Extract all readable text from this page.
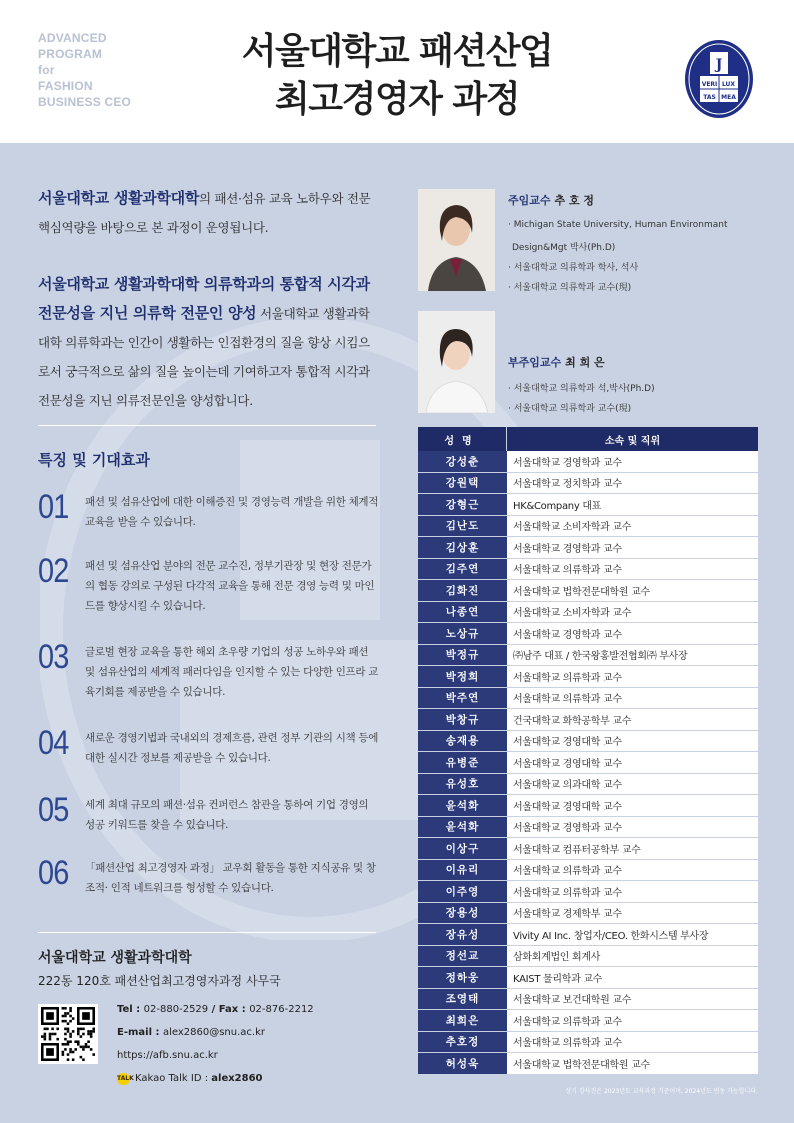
ADVANCED
PROGRAM
for
FASHION
BUSINESS CEO
서울대학교 패션산업
최고경영자 과정
J
VERI LUX
TAS MEA
서울대학교 생활과학대학의 패션·섬유 교육 노하우와 전문핵심역량을 바탕으로 본 과정이 운영됩니다.
서울대학교 생활과학대학 의류학과의 통합적 시각과 전문성을 지닌 의류학 전문인 양성 서울대학교 생활과학대학 의류학과는 인간이 생활하는 인접환경의 질을 향상 시킴으로서 궁극적으로 삶의 질을 높이는데 기여하고자 통합적 시각과 전문성을 지닌 의류전문인을 양성합니다.
특징 및 기대효과
01 패션 및 섬유산업에 대한 이해증진 및 경영능력 개발을 위한 체계적 교육을 받을 수 있습니다.
02 패션 및 섬유산업 분야의 전문 교수진, 정부기관장 및 현장 전문가의 협동 강의로 구성된 다각적 교육을 통해 전문 경영 능력 및 마인드를 향상시킬 수 있습니다.
03 글로벌 현장 교육을 통한 해외 초우량 기업의 성공 노하우와 패션 및 섬유산업의 세계적 패러다임을 인지할 수 있는 다양한 인프라 교육기회를 제공받을 수 있습니다.
04 새로운 경영기법과 국내외의 경제흐름, 관련 정부 기관의 시책 등에 대한 실시간 정보를 제공받을 수 있습니다.
05 세계 최대 규모의 패션·섬유 컨퍼런스 참관을 통하여 기업 경영의 성공 키워드를 찾을 수 있습니다.
06 「패션산업 최고경영자 과정」 교우회 활동을 통한 지식공유 및 창조적· 인적 네트워크를 형성할 수 있습니다.
서울대학교 생활과학대학
222동 120호 패션산업최고경영자과정 사무국
Tel : 02-880-2529 / Fax : 02-876-2212
E-mail : alex2860@snu.ac.kr
https://afb.snu.ac.kr
TALK Kakao Talk ID : alex2860
주임교수 추 호 정
· Michigan State University, Human Environmant
Design&Mgt 박사(Ph.D)
· 서울대학교 의류학과 학사, 석사
· 서울대학교 의류학과 교수(現)
부주임교수 최 희 은
· 서울대학교 의류학과 석,박사(Ph.D)
· 서울대학교 의류학과 교수(現)
성명	소속 및 직위
강성춘	서울대학교 경영학과 교수
강원택	서울대학교 정치학과 교수
강형근	HK&Company 대표
김난도	서울대학교 소비자학과 교수
김상훈	서울대학교 경영학과 교수
김주연	서울대학교 의류학과 교수
김화진	서울대학교 법학전문대학원 교수
나종연	서울대학교 소비자학과 교수
노상규	서울대학교 경영학과 교수
박정규	㈜남주 대표 / 한국왕홍발전협회㈜ 부사장
박정희	서울대학교 의류학과 교수
박주연	서울대학교 의류학과 교수
박창규	건국대학교 화학공학부 교수
송재용	서울대학교 경영대학 교수
유병준	서울대학교 경영대학 교수
유성호	서울대학교 의과대학 교수
윤석화	서울대학교 경영대학 교수
윤석화	서울대학교 경영학과 교수
이상구	서울대학교 컴퓨터공학부 교수
이유리	서울대학교 의류학과 교수
이주영	서울대학교 의류학과 교수
장용성	서울대학교 경제학부 교수
장유성	Vivity AI Inc. 창업자/CEO. 한화시스템 부사장
정선교	삼화회계법인 회계사
정하웅	KAIST 물리학과 교수
조영태	서울대학교 보건대학원 교수
최희은	서울대학교 의류학과 교수
추호정	서울대학교 의류학과 교수
허성욱	서울대학교 법학전문대학원 교수
상기 강사진은 2023년도 교육과정 기준이며, 2024년도 변동 가능합니다.
